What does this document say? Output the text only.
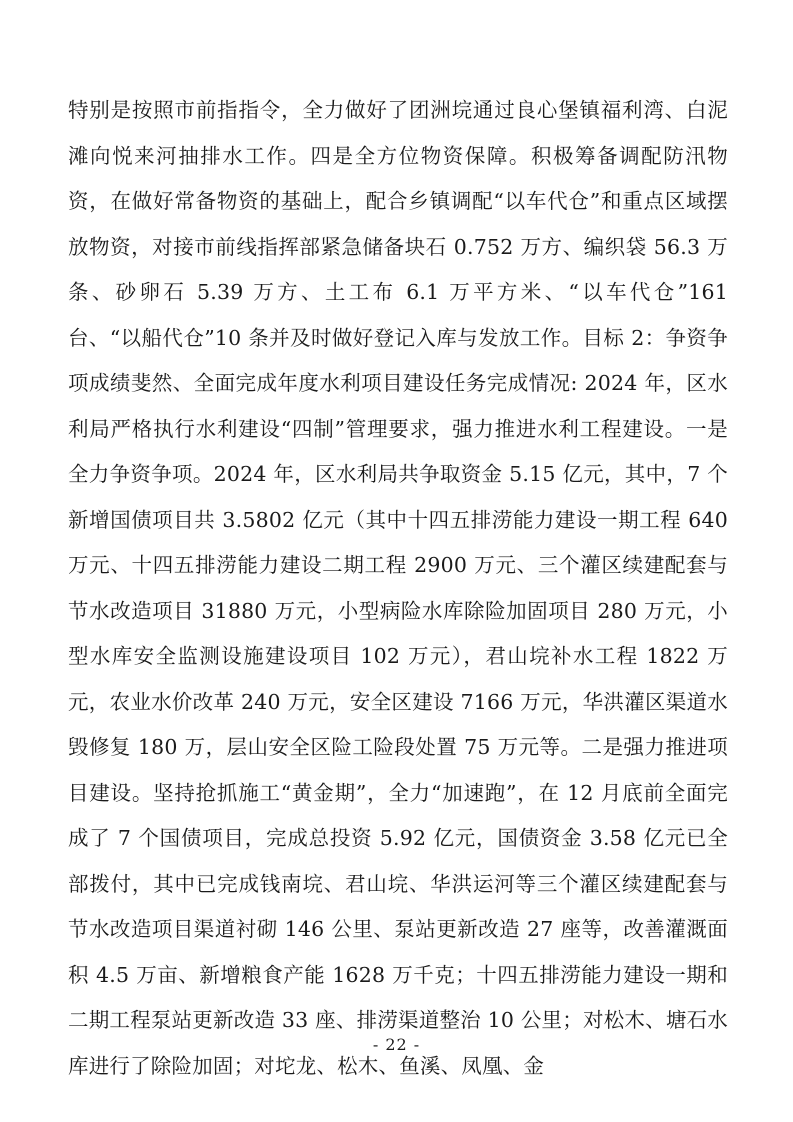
特别是按照市前指指令，全力做好了团洲垸通过良心堡镇福利湾、白泥滩向悦来河抽排水工作。四是全方位物资保障。积极筹备调配防汛物资，在做好常备物资的基础上，配合乡镇调配“以车代仓”和重点区域摆放物资，对接市前线指挥部紧急储备块石 0.752 万方、编织袋 56.3 万条、砂卵石 5.39 万方、土工布 6.1 万平方米、“以车代仓”161 台、“以船代仓”10 条并及时做好登记入库与发放工作。目标 2：争资争项成绩斐然、全面完成年度水利项目建设任务完成情况: 2024 年，区水利局严格执行水利建设“四制”管理要求，强力推进水利工程建设。一是全力争资争项。2024 年，区水利局共争取资金 5.15 亿元，其中，7 个新增国债项目共 3.5802 亿元（其中十四五排涝能力建设一期工程 640 万元、十四五排涝能力建设二期工程 2900 万元、三个灌区续建配套与节水改造项目 31880 万元，小型病险水库除险加固项目 280 万元，小型水库安全监测设施建设项目 102 万元），君山垸补水工程 1822 万元，农业水价改革 240 万元，安全区建设 7166 万元，华洪灌区渠道水毁修复 180 万，层山安全区险工险段处置 75 万元等。二是强力推进项目建设。坚持抢抓施工“黄金期”，全力“加速跑”，在 12 月底前全面完成了 7 个国债项目，完成总投资 5.92 亿元，国债资金 3.58 亿元已全部拨付，其中已完成钱南垸、君山垸、华洪运河等三个灌区续建配套与节水改造项目渠道衬砌 146 公里、泵站更新改造 27 座等，改善灌溉面积 4.5 万亩、新增粮食产能 1628 万千克；十四五排涝能力建设一期和二期工程泵站更新改造 33 座、排涝渠道整治 10 公里；对松木、塘石水库进行了除险加固；对坨龙、松木、鱼溪、凤凰、金

- 22 -
